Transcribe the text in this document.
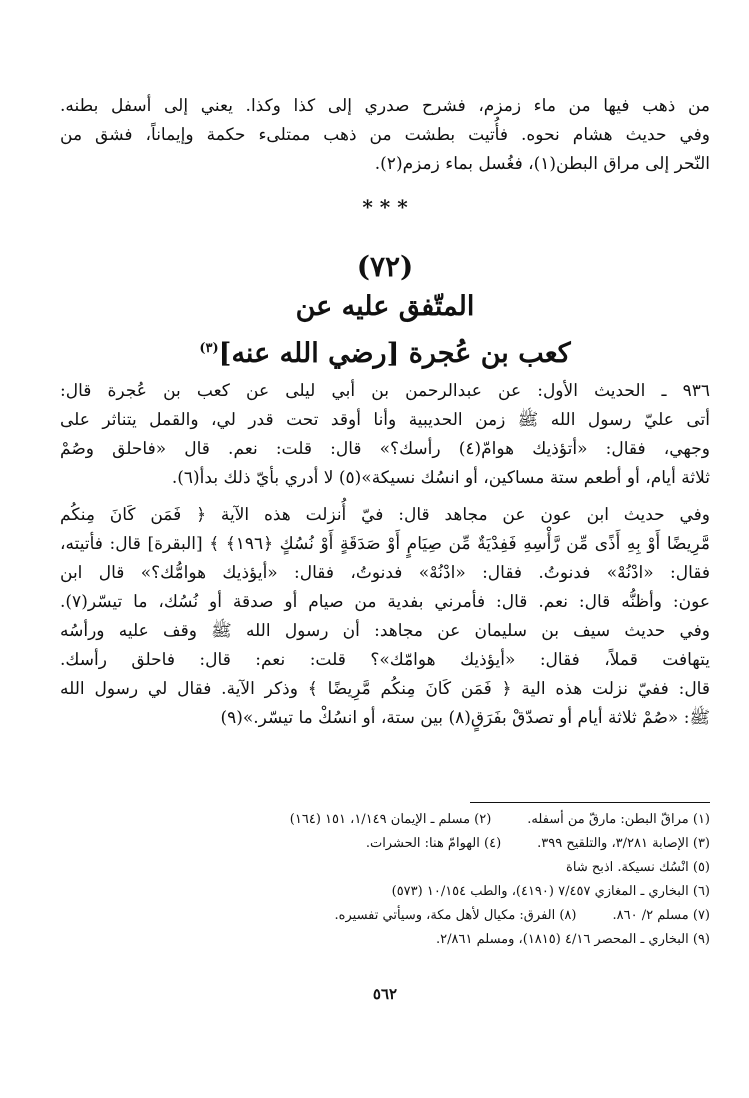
من ذهب فيها من ماء زمزم، فشرح صدري إلى كذا وكذا. يعني إلى أسفل بطنه.
وفي حديث هشام نحوه. فأُتيت بطشت من ذهب ممتلىء حكمة وإيماناً، فشق من
النّحر إلى مراق البطن(١)، فغُسل بماء زمزم(٢).
* * *
(٧٢)
المتّفق عليه عن
كعب بن عُجرة [رضي الله عنه]$^{(٣)}$
٩٣٦ ـ الحديث الأول: عن عبدالرحمن بن أبي ليلى عن كعب بن عُجرة قال:
أتى عليّ رسول الله ﷺ زمن الحديبية وأنا أوقد تحت قدر لي، والقمل يتناثر على
وجهي، فقال: «أتؤذيك هوامّ(٤) رأسك؟» قال: قلت: نعم. قال «فاحلق وصُمْ
ثلاثة أيام، أو أطعم ستة مساكين، أو انسُك نسيكة»(٥) لا أدري بأيّ ذلك بدأ(٦).
وفي حديث ابن عون عن مجاهد قال: فيّ أُنزلت هذه الآية ﴿ فَمَن كَانَ مِنكُم
مَّرِيضًا أَوْ بِهِ أَذًى مِّن رَّأْسِهِ فَفِدْيَةٌ مِّن صِيَامٍ أَوْ صَدَقَةٍ أَوْ نُسُكٍ ﴿١٩٦﴾ ﴾ [البقرة] قال: فأتيته،
فقال: «ادْنُهْ» فدنوتُ. فقال: «ادْنُهْ» فدنوتُ، فقال: «أيؤذيك هوامُّك؟» قال ابن
عون: وأظنُّه قال: نعم. قال: فأمرني بفدية من صيام أو صدقة أو نُسُك، ما تيسّر(٧).
وفي حديث سيف بن سليمان عن مجاهد: أن رسول الله ﷺ وقف عليه ورأسُه
يتهافت قملاً، فقال: «أيؤذيك هوامّك»؟ قلت: نعم: قال: فاحلق رأسك.
قال: ففيّ نزلت هذه الية ﴿ فَمَن كَانَ مِنكُم مَّرِيضًا ﴾ وذكر الآية. فقال لي رسول الله
ﷺ: «صُمْ ثلاثة أيام أو تصدّقْ بفَرَقٍ(٨) بين ستة، أو انسُكْ ما تيسّر.»(٩)
(١) مراقّ البطن: مارقّ من أسفله.
(٢) مسلم ـ الإيمان ١/١٤٩، ١٥١ (١٦٤)
(٣) الإصابة ٣/٢٨١، والتلقيح ٣٩٩.
(٤) الهوامّ هنا: الحشرات.
(٥) انْسُك نسيكة. اذبح شاة
(٦) البخاري ـ المغازي ٧/٤٥٧ (٤١٩٠)، والطب ١٠/١٥٤ (٥٧٣)
(٧) مسلم ٢/ ٨٦٠.
(٨) الفرق: مكيال لأهل مكة، وسيأتي تفسيره.
(٩) البخاري ـ المحصر ٤/١٦ (١٨١٥)، ومسلم ٢/٨٦١.
٥٦٢
